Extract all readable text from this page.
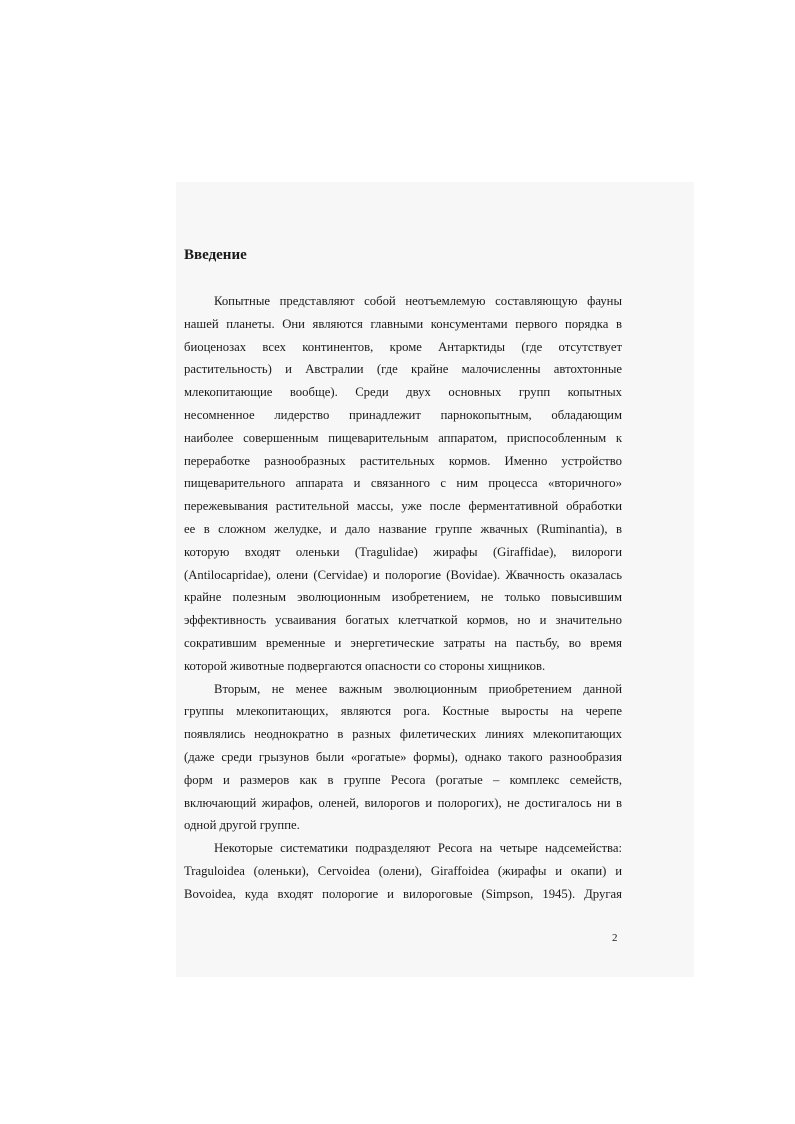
Введение

Копытные представляют собой неотъемлемую составляющую фауны

нашей планеты. Они являются главными консументами первого порядка в

биоценозах всех континентов, кроме Антарктиды (где отсутствует

растительность) и Австралии (где крайне малочисленны автохтонные

млекопитающие вообще). Среди двух основных групп копытных

несомненное лидерство принадлежит парнокопытным, обладающим

наиболее совершенным пищеварительным аппаратом, приспособленным к

переработке разнообразных растительных кормов. Именно устройство

пищеварительного аппарата и связанного с ним процесса «вторичного»

пережевывания растительной массы, уже после ферментативной обработки

ее в сложном желудке, и дало название группе жвачных (Ruminantia), в

которую входят оленьки (Tragulidae) жирафы (Giraffidae), вилороги

(Antilocapridae), олени (Cervidae) и полорогие (Bovidae). Жвачность оказалась

крайне полезным эволюционным изобретением, не только повысившим

эффективность усваивания богатых клетчаткой кормов, но и значительно

сократившим временные и энергетические затраты на пастьбу, во время

которой животные подвергаются опасности со стороны хищников.

Вторым, не менее важным эволюционным приобретением данной

группы млекопитающих, являются рога. Костные выросты на черепе

появлялись неоднократно в разных филетических линиях млекопитающих

(даже среди грызунов были «рогатые» формы), однако такого разнообразия

форм и размеров как в группе Pecora (рогатые – комплекс семейств,

включающий жирафов, оленей, вилорогов и полорогих), не достигалось ни в

одной другой группе.

Некоторые систематики подразделяют Pecora на четыре надсемейства:

Traguloidea (оленьки), Cervoidea (олени), Giraffoidea (жирафы и окапи) и

Bovoidea, куда входят полорогие и вилороговые (Simpson, 1945). Другая

2
